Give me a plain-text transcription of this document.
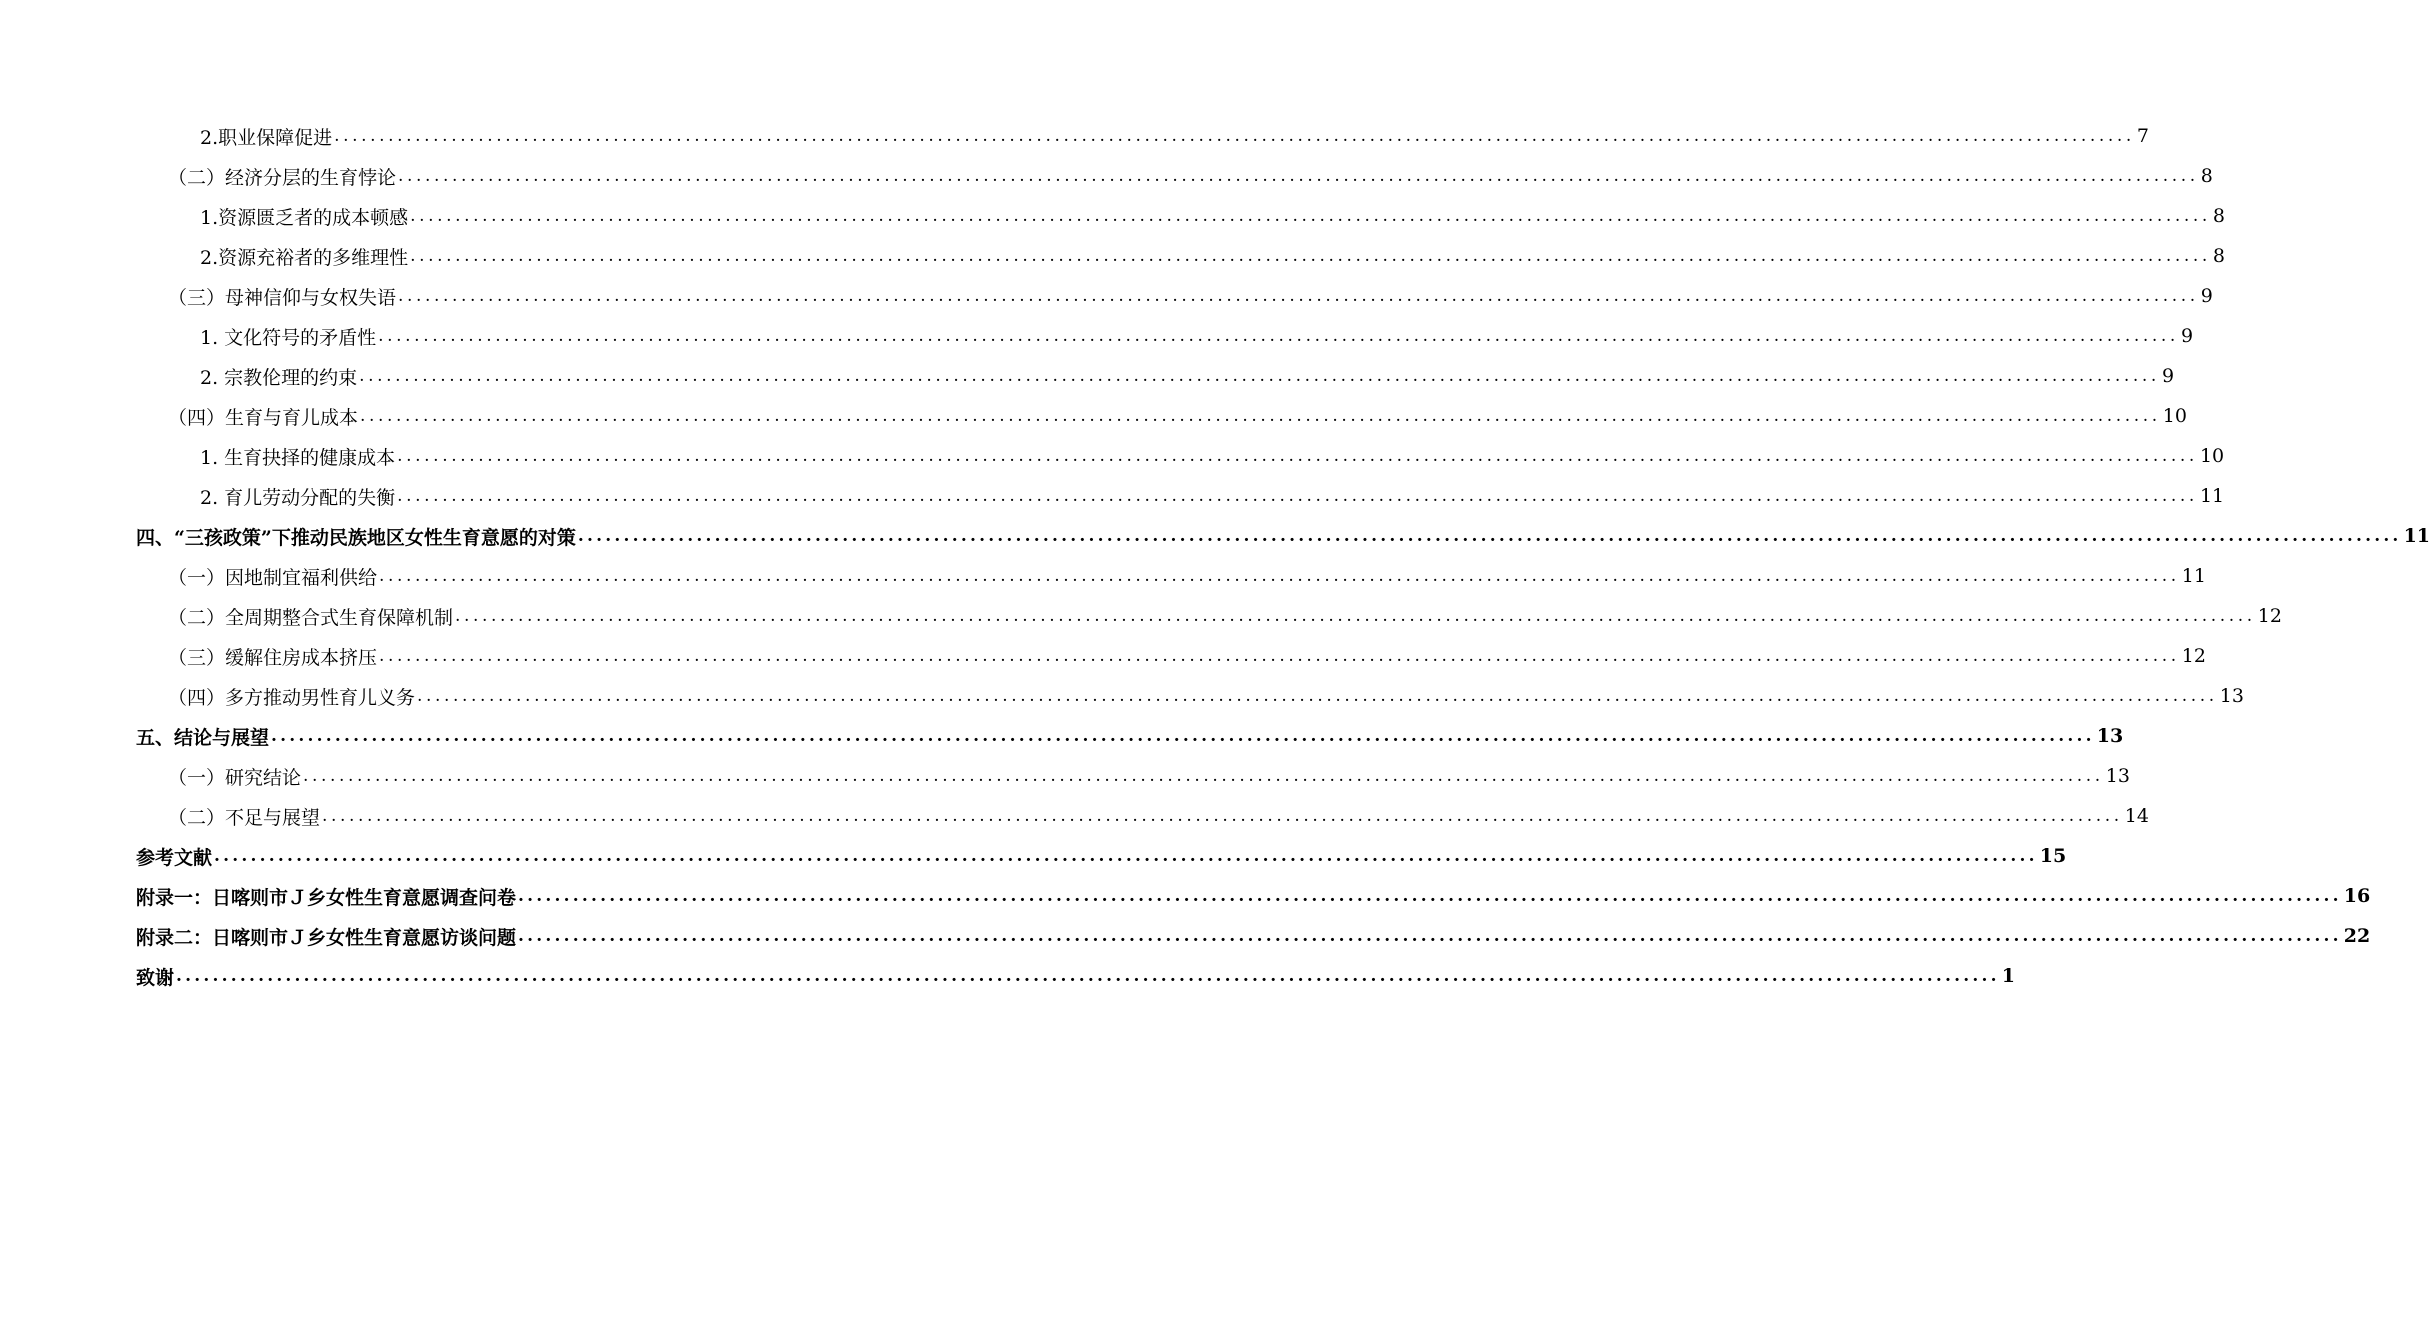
2.职业保障促进 ........................................................................................................................................................................................................ 7
（二）经济分层的生育悖论 ........................................................................................................................................................................................................ 8
1.资源匮乏者的成本顿感 ........................................................................................................................................................................................................ 8
2.资源充裕者的多维理性 ........................................................................................................................................................................................................ 8
（三）母神信仰与女权失语 ........................................................................................................................................................................................................ 9
1. 文化符号的矛盾性 ........................................................................................................................................................................................................ 9
2. 宗教伦理的约束 ........................................................................................................................................................................................................ 9
（四）生育与育儿成本 ........................................................................................................................................................................................................ 10
1. 生育抉择的健康成本 ........................................................................................................................................................................................................ 10
2. 育儿劳动分配的失衡 ........................................................................................................................................................................................................ 11
四、“三孩政策”下推动民族地区女性生育意愿的对策 ........................................................................................................................................................................................................ 11
（一）因地制宜福利供给 ........................................................................................................................................................................................................ 11
（二）全周期整合式生育保障机制 ........................................................................................................................................................................................................ 12
（三）缓解住房成本挤压 ........................................................................................................................................................................................................ 12
（四）多方推动男性育儿义务 ........................................................................................................................................................................................................ 13
五、结论与展望 ........................................................................................................................................................................................................ 13
（一）研究结论 ........................................................................................................................................................................................................ 13
（二）不足与展望 ........................................................................................................................................................................................................ 14
参考文献 ........................................................................................................................................................................................................ 15
附录一：日喀则市Ｊ乡女性生育意愿调查问卷 ........................................................................................................................................................................................................ 16
附录二：日喀则市Ｊ乡女性生育意愿访谈问题 ........................................................................................................................................................................................................ 22
致谢 ........................................................................................................................................................................................................ 1
